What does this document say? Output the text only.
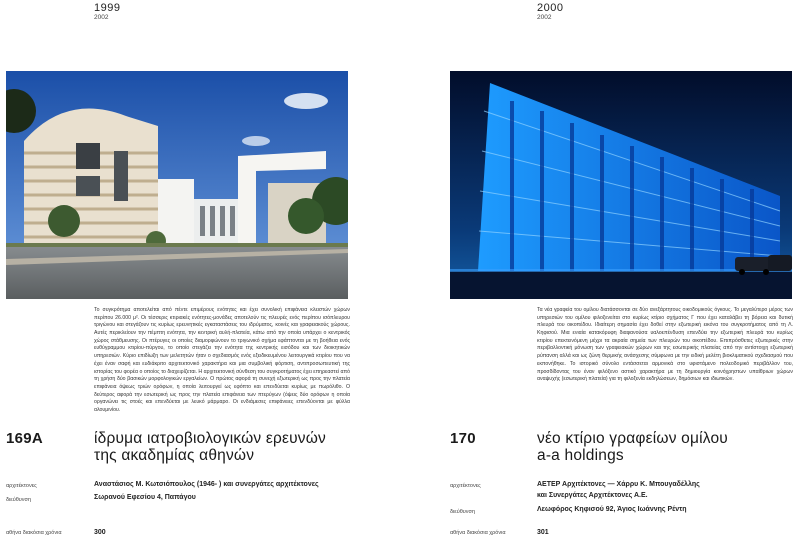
1999
2002
Το συγκρότημα αποτελείται από πέντε επιμέρους ενότητες και έχει συνολική επιφάνεια κλειστών χώρων περίπου 26.000 μ². Οι τέσσερις κτιριακές ενότητες-μονάδες αποτελούν τις πλευρές ενός περίπου ισόπλευρου τριγώνου και στεγάζουν τις κυρίως ερευνητικές εγκαταστάσεις του ιδρύματος, κοινές και γραφειακούς χώρους. Αυτές περικλείουν την πέμπτη ενότητα, την κεντρική αυλή-πλατεία, κάτω από την οποία υπάρχει ο κεντρικός χώρος στάθμευσης. Οι πτέρυγες οι οποίες διαμορφώνουν το τριγωνικό σχήμα εφάπτονται με τη βοήθεια ενός ευθύγραμμου κτιρίου-πύργου, το οποίο στεγάζει την ενότητα της κεντρικής εισόδου και των διοικητικών υπηρεσιών. Κύριο επιδίωξη των μελετητών ήταν ο σχεδιασμός ενός εξειδικευμένου λειτουργικά κτιρίου που να έχει έναν σαφή και ευδιάκριτο αρχιτεκτονικό χαρακτήρα και μια συμβολική φόρτιση, αντιπροσωπευτική της ιστορίας του φορέα ο οποίος το διαχειρίζεται. Η αρχιτεκτονική σύνθεση του συγκροτήματος έχει επηρεαστεί από τη χρήση δύο βασικών μορφολογικών εργαλείων. Ο πρώτος αφορά τη συνεχή εξωτερική ως προς την πλατεία επιφάνεια όψεως τριών ορόφων, η οποία λειτουργεί ως εφόπτο και επενδύεται κυρίως με πωρόλιθο. Ο δεύτερος αφορά την εσωτερική ως προς την πλατεία επιφάνεια των πτερύγων (όψεις δύο ορόφων η οποία οργανώνει τις στοές και επενδύεται με λευκό μάρμαρο. Οι ενδιάμεσες επιφάνειες επενδύονται με φύλλα αλουμινίου.
169A	ίδρυμα ιατροβιολογικών ερευνών
της ακαδημίας αθηνών
αρχιτέκτονες	Αναστάσιος Μ. Κωτσιόπουλος (1946- ) και συνεργάτες αρχιτέκτονες
διεύθυνση	Σωρανού Εφεσίου 4, Παπάγου
αθήνα διακόσια χρόνια	300
2000
2002
Τα νέα γραφεία του ομίλου διατάσσονται σε δύο ανεξάρτητους οικοδομικούς όγκους. Το μεγαλύτερο μέρος των υπηρεσιών του ομίλου φιλοξενείται στο κυρίως κτίριο σχήματος Γ που έχει καταλάβει τη βόρεια και δυτική πλευρά του οικοπέδου. Ιδιαίτερη σημασία έχει δοθεί στην εξωτερική εικόνα του συγκροτήματος από τη Λ. Κηφισού. Μια ενιαία κατακόρυφη διαφανούσα υαλοεπένδυση επενδύει την εξωτερική πλευρά του κυρίως κτιρίου επεκτεινόμενη μέχρι τα ακραία σημεία των πλευρών του οικοπέδου. Επιπρόσθετες εξωτερικές στην περιβαλλοντική μόνωση των γραφειακών χώρων και της εσωτερικής πλατείας από την αντίστοιχη εξωτερική ρύπανση αλλά και ως ζώνη θερμικής ανάσχεσης σύμφωνα με την ειδική μελέτη βιοκλιματικού σχεδιασμού που εκπονήθηκε. Το ιστορικό σύνολο εντάσσεται αρμονικά στο υφιστάμενο πολεοδομικό περιβάλλον του, προσδίδοντας του έναν φιλόξενο αστικό χαρακτήρα με τη δημιουργία κοινόχρηστων υπαίθριων χώρων αναψυχής (εσωτερική πλατεία) για τη φιλοξενία εκδηλώσεων, δημόσιων και ιδιωτικών.
170	νέο κτίριο γραφείων ομίλου
a-a holdings
αρχιτέκτονες	ΑΕΤΕΡ Αρχιτέκτονες — Χάρρυ Κ. Μπουγαδέλλης
και Συνεργάτες Αρχιτέκτονες Α.Ε.
διεύθυνση	Λεωφόρος Κηφισού 92, Άγιος Ιωάννης Ρέντη
αθήνα διακόσια χρόνια	301
